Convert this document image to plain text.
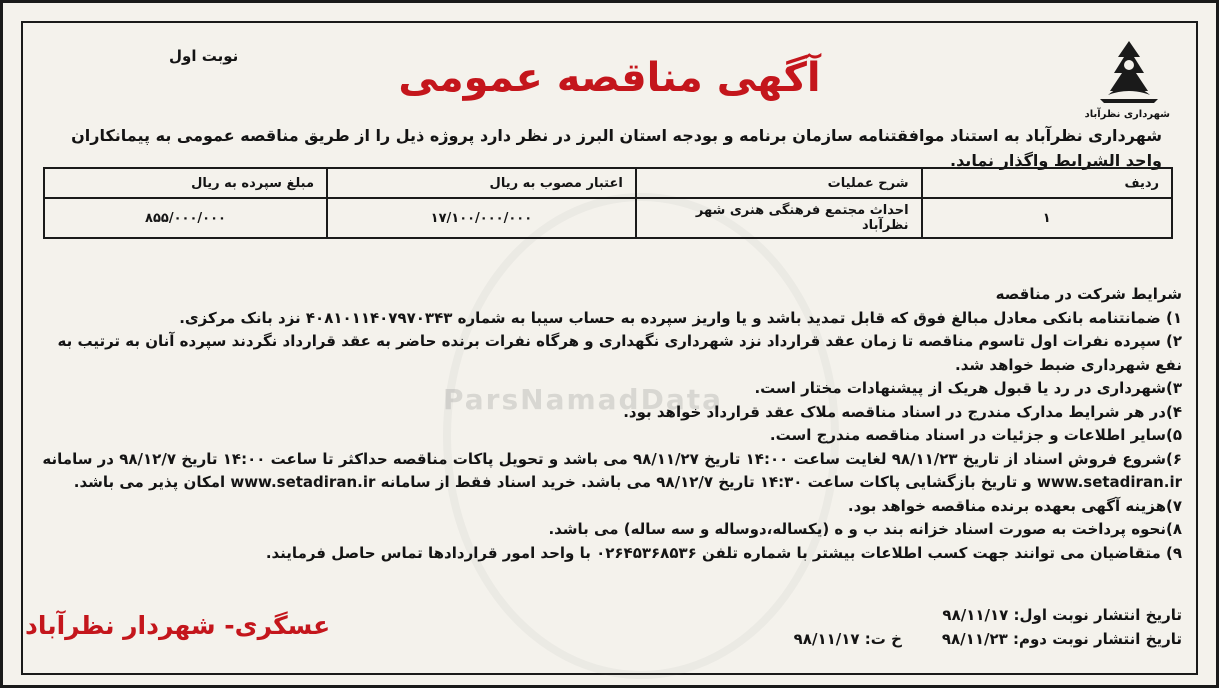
ParsNamadData
شهرداری نظرآباد
آگهی مناقصه عمومی
نوبت اول
شهرداری نظرآباد به استناد موافقتنامه سازمان برنامه و بودجه استان البرز در نظر دارد پروژه ذیل را از طریق مناقصه عمومی به پیمانکاران واجد الشرایط واگذار نماید.
ردیف	شرح عملیات	اعتبار مصوب به ریال	مبلغ سپرده به ریال
۱	احداث مجتمع فرهنگی هنری شهر نظرآباد	۱۷/۱۰۰/۰۰۰/۰۰۰	۸۵۵/۰۰۰/۰۰۰
شرایط شرکت در مناقصه
۱) ضمانتنامه بانکی معادل مبالغ فوق که قابل تمدید باشد و یا واریز سپرده به حساب سیبا به شماره ۴۰۸۱۰۱۱۴۰۷۹۷۰۳۴۳ نزد بانک مرکزی.
۲) سپرده نفرات اول تاسوم مناقصه تا زمان عقد قرارداد نزد شهرداری نگهداری و هرگاه نفرات برنده حاضر به عقد قرارداد نگردند سپرده آنان به ترتیب به نفع شهرداری ضبط خواهد شد.
۳)شهرداری در رد یا قبول هریک از پیشنهادات مختار است.
۴)در هر شرایط مدارک مندرج در اسناد مناقصه ملاک عقد قرارداد خواهد بود.
۵)سایر اطلاعات و جزئیات در اسناد مناقصه مندرج است.
۶)شروع فروش اسناد از تاریخ ۹۸/۱۱/۲۳ لغایت ساعت ۱۴:۰۰ تاریخ ۹۸/۱۱/۲۷ می باشد و تحویل پاکات مناقصه حداکثر تا ساعت ۱۴:۰۰ تاریخ ۹۸/۱۲/۷ در سامانه www.setadiran.ir و تاریخ بازگشایی پاکات ساعت ۱۴:۳۰ تاریخ ۹۸/۱۲/۷ می باشد. خرید اسناد فقط از سامانه www.setadiran.ir امکان پذیر می باشد.
۷)هزینه آگهی بعهده برنده مناقصه خواهد بود.
۸)نحوه پرداخت به صورت اسناد خزانه بند ب و ه (یکساله،دوساله و سه ساله) می باشد.
۹) متقاضیان می توانند جهت کسب اطلاعات بیشتر با شماره تلفن ۰۲۶۴۵۳۶۸۵۳۶ با واحد امور قراردادها تماس حاصل فرمایند.
تاریخ انتشار نوبت اول: ۹۸/۱۱/۱۷
تاریخ انتشار نوبت دوم: ۹۸/۱۱/۲۳خ ت: ۹۸/۱۱/۱۷
عسگری- شهردار نظرآباد
